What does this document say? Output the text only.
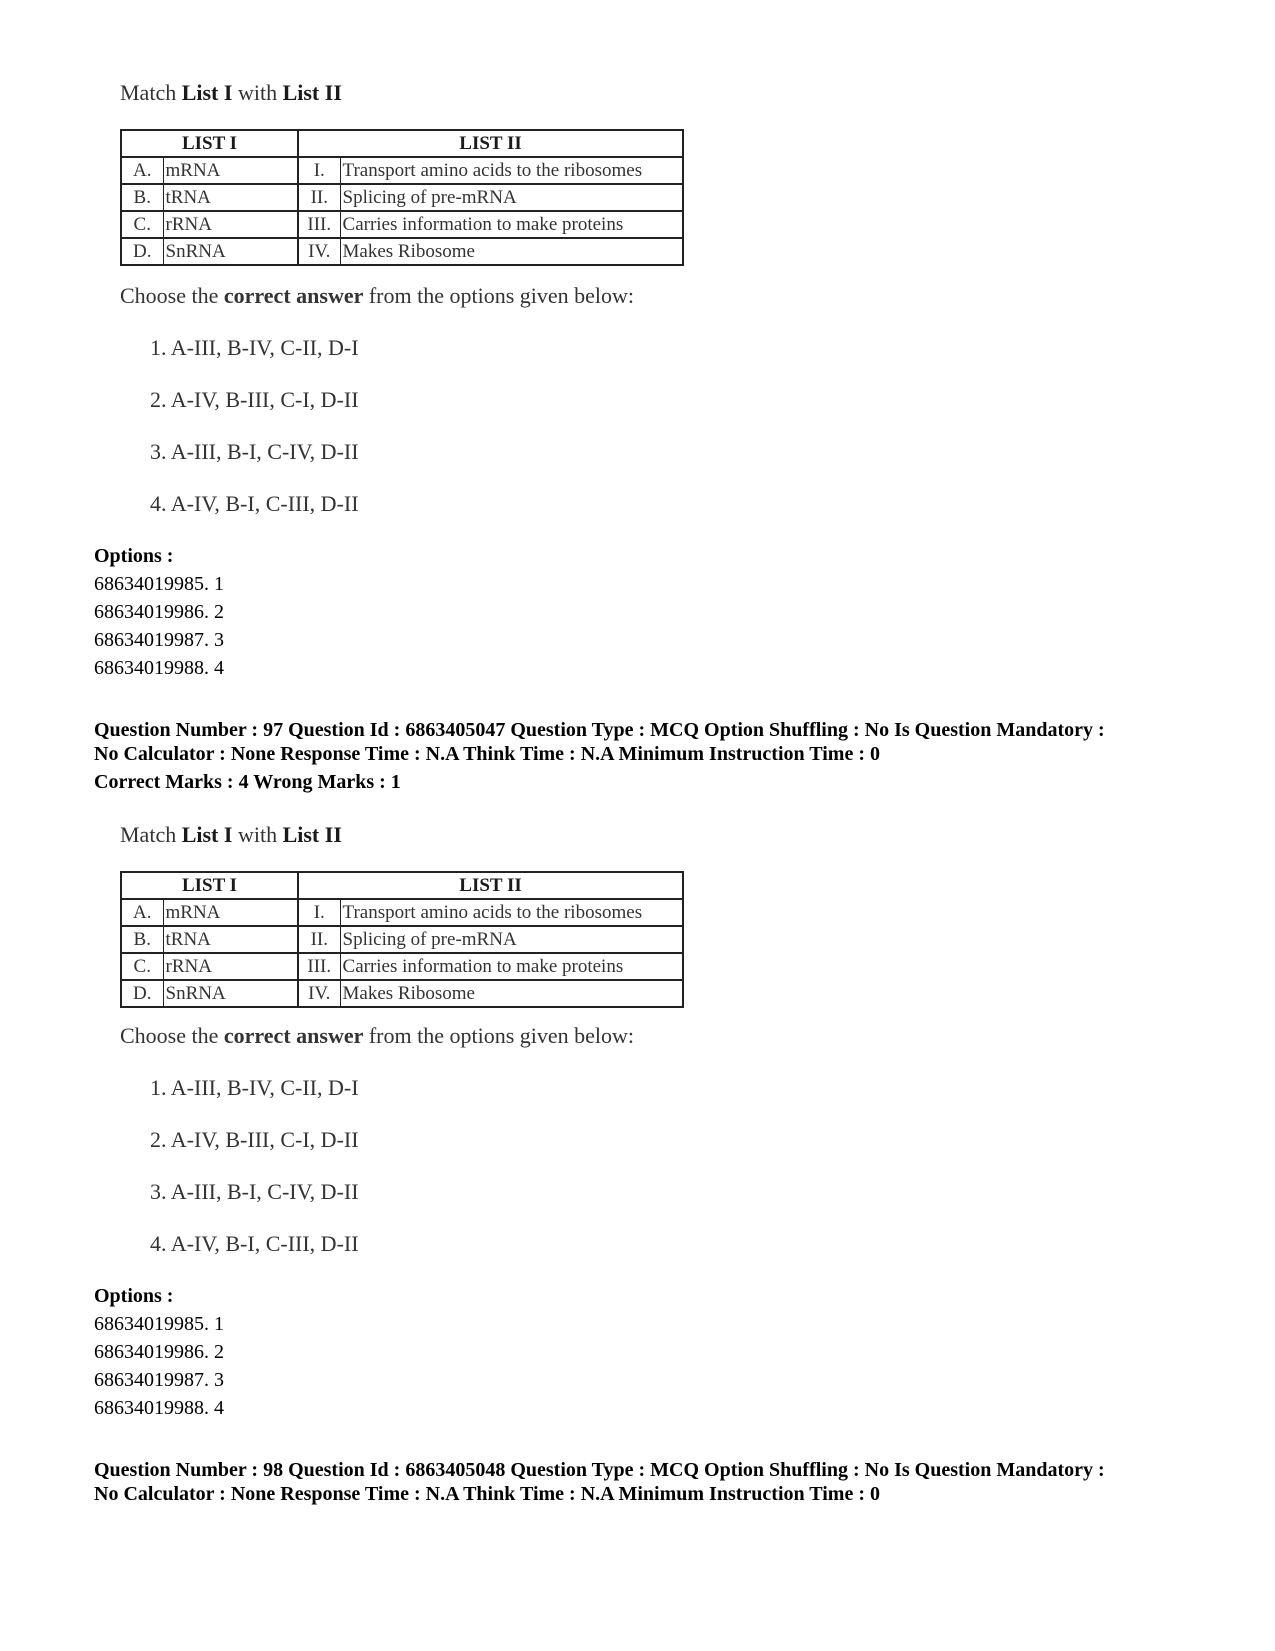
Match List I with List II
LIST I		LIST II	
A.	mRNA	I.	Transport amino acids to the ribosomes
B.	tRNA	II.	Splicing of pre-mRNA
C.	rRNA	III.	Carries information to make proteins
D.	SnRNA	IV.	Makes Ribosome
Choose the correct answer from the options given below:
1. A-III, B-IV, C-II, D-I
2. A-IV, B-III, C-I, D-II
3. A-III, B-I, C-IV, D-II
4. A-IV, B-I, C-III, D-II
Options :
68634019985. 1
68634019986. 2
68634019987. 3
68634019988. 4
Question Number : 97 Question Id : 6863405047 Question Type : MCQ Option Shuffling : No Is Question Mandatory :
No Calculator : None Response Time : N.A Think Time : N.A Minimum Instruction Time : 0
Correct Marks : 4 Wrong Marks : 1
Match List I with List II
LIST I		LIST II	
A.	mRNA	I.	Transport amino acids to the ribosomes
B.	tRNA	II.	Splicing of pre-mRNA
C.	rRNA	III.	Carries information to make proteins
D.	SnRNA	IV.	Makes Ribosome
Choose the correct answer from the options given below:
1. A-III, B-IV, C-II, D-I
2. A-IV, B-III, C-I, D-II
3. A-III, B-I, C-IV, D-II
4. A-IV, B-I, C-III, D-II
Options :
68634019985. 1
68634019986. 2
68634019987. 3
68634019988. 4
Question Number : 98 Question Id : 6863405048 Question Type : MCQ Option Shuffling : No Is Question Mandatory :
No Calculator : None Response Time : N.A Think Time : N.A Minimum Instruction Time : 0
